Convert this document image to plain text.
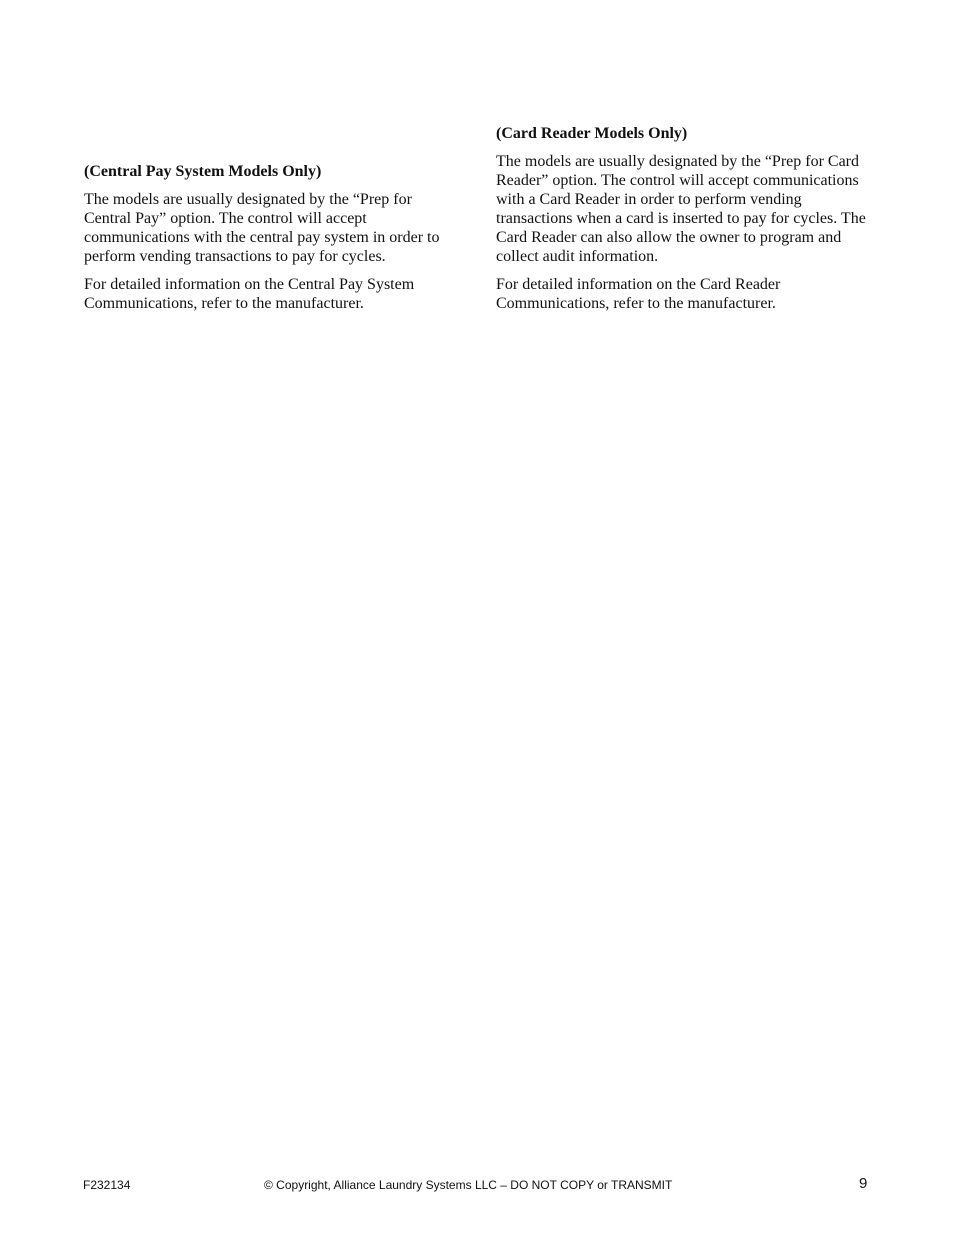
(Central Pay System Models Only)

The models are usually designated by the “Prep for Central Pay” option. The control will accept communications with the central pay system in order to perform vending transactions to pay for cycles.

For detailed information on the Central Pay System Communications, refer to the manufacturer.

(Card Reader Models Only)

The models are usually designated by the “Prep for Card Reader” option. The control will accept communications with a Card Reader in order to perform vending transactions when a card is inserted to pay for cycles. The Card Reader can also allow the owner to program and collect audit information.

For detailed information on the Card Reader Communications, refer to the manufacturer.

F232134	© Copyright, Alliance Laundry Systems LLC – DO NOT COPY or TRANSMIT	9
